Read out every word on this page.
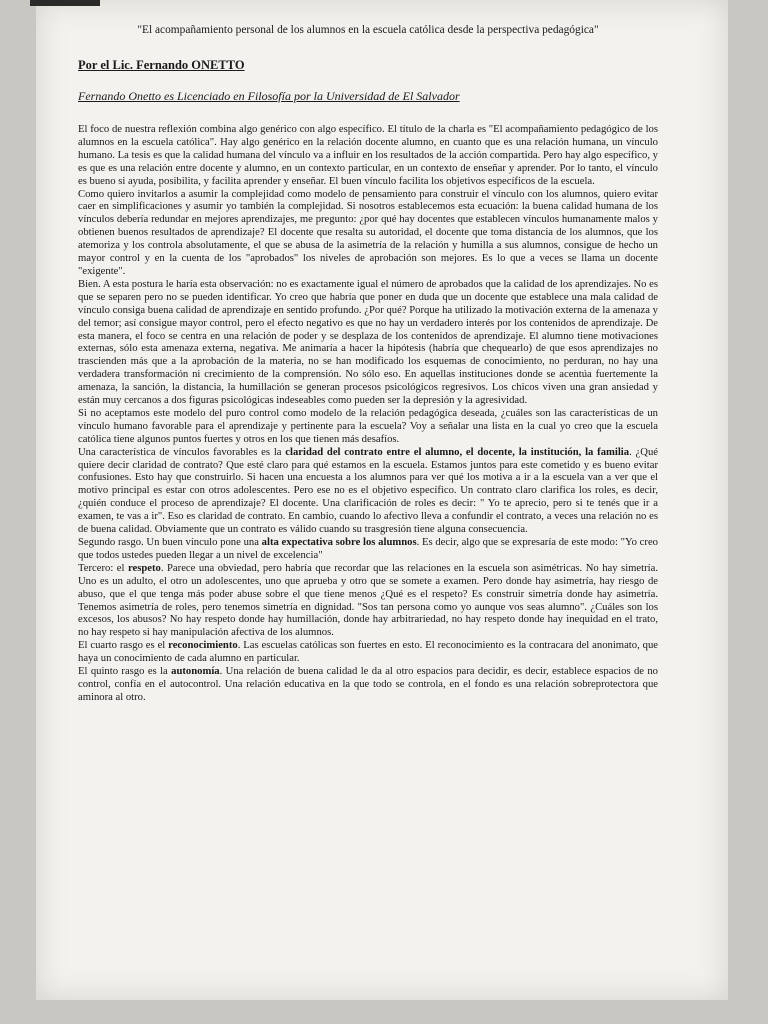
"El acompañamiento personal de los alumnos en la escuela católica desde la perspectiva pedagógica"
Por el Lic. Fernando ONETTO
Fernando Onetto es Licenciado en Filosofía por la Universidad de El Salvador

El foco de nuestra reflexión combina algo genérico con algo específico. El título de la charla es "El acompañamiento pedagógico de los alumnos en la escuela católica". Hay algo genérico en la relación docente alumno, en cuanto que es una relación humana, un vínculo humano. La tesis es que la calidad humana del vínculo va a influir en los resultados de la acción compartida. Pero hay algo específico, y es que es una relación entre docente y alumno, en un contexto particular, en un contexto de enseñar y aprender. Por lo tanto, el vínculo es bueno si ayuda, posibilita, y facilita aprender y enseñar. El buen vínculo facilita los objetivos específicos de la escuela.

Como quiero invitarlos a asumir la complejidad como modelo de pensamiento para construir el vínculo con los alumnos, quiero evitar caer en simplificaciones y asumir yo también la complejidad. Si nosotros establecemos esta ecuación: la buena calidad humana de los vínculos debería redundar en mejores aprendizajes, me pregunto: ¿por qué hay docentes que establecen vínculos humanamente malos y obtienen buenos resultados de aprendizaje? El docente que resalta su autoridad, el docente que toma distancia de los alumnos, que los atemoriza y los controla absolutamente, el que se abusa de la asimetría de la relación y humilla a sus alumnos, consigue de hecho un mayor control y en la cuenta de los "aprobados" los niveles de aprobación son mejores. Es lo que a veces se llama un docente "exigente".

Bien. A esta postura le haría esta observación: no es exactamente igual el número de aprobados que la calidad de los aprendizajes. No es que se separen pero no se pueden identificar. Yo creo que habría que poner en duda que un docente que establece una mala calidad de vínculo consiga buena calidad de aprendizaje en sentido profundo. ¿Por qué? Porque ha utilizado la motivación externa de la amenaza y del temor; así consigue mayor control, pero el efecto negativo es que no hay un verdadero interés por los contenidos de aprendizaje. De esta manera, el foco se centra en una relación de poder y se desplaza de los contenidos de aprendizaje. El alumno tiene motivaciones externas, sólo esta amenaza externa, negativa. Me animaría a hacer la hipótesis (habría que chequearlo) de que esos aprendizajes no trascienden más que a la aprobación de la materia, no se han modificado los esquemas de conocimiento, no perduran, no hay una verdadera transformación ni crecimiento de la comprensión. No sólo eso. En aquellas instituciones donde se acentúa fuertemente la amenaza, la sanción, la distancia, la humillación se generan procesos psicológicos regresivos. Los chicos viven una gran ansiedad y están muy cercanos a dos figuras psicológicas indeseables como pueden ser la depresión y la agresividad.

Si no aceptamos este modelo del puro control como modelo de la relación pedagógica deseada, ¿cuáles son las características de un vínculo humano favorable para el aprendizaje y pertinente para la escuela? Voy a señalar una lista en la cual yo creo que la escuela católica tiene algunos puntos fuertes y otros en los que tienen más desafíos.

Una característica de vínculos favorables es la claridad del contrato entre el alumno, el docente, la institución, la familia. ¿Qué quiere decir claridad de contrato? Que esté claro para qué estamos en la escuela. Estamos juntos para este cometido y es bueno evitar confusiones. Esto hay que construirlo. Si hacen una encuesta a los alumnos para ver qué los motiva a ir a la escuela van a ver que el motivo principal es estar con otros adolescentes. Pero ese no es el objetivo específico. Un contrato claro clarifica los roles, es decir, ¿quién conduce el proceso de aprendizaje? El docente. Una clarificación de roles es decir: " Yo te aprecio, pero si te tenés que ir a examen, te vas a ir". Eso es claridad de contrato. En cambio, cuando lo afectivo lleva a confundir el contrato, a veces una relación no es de buena calidad. Obviamente que un contrato es válido cuando su trasgresión tiene alguna consecuencia.

Segundo rasgo. Un buen vínculo pone una alta expectativa sobre los alumnos. Es decir, algo que se expresaría de este modo: "Yo creo que todos ustedes pueden llegar a un nivel de excelencia"

Tercero: el respeto. Parece una obviedad, pero habría que recordar que las relaciones en la escuela son asimétricas. No hay simetría. Uno es un adulto, el otro un adolescentes, uno que aprueba y otro que se somete a examen. Pero donde hay asimetría, hay riesgo de abuso, que el que tenga más poder abuse sobre el que tiene menos ¿Qué es el respeto? Es construir simetría donde hay asimetría. Tenemos asimetría de roles, pero tenemos simetría en dignidad. "Sos tan persona como yo aunque vos seas alumno". ¿Cuáles son los excesos, los abusos? No hay respeto donde hay humillación, donde hay arbitrariedad, no hay respeto donde hay inequidad en el trato, no hay respeto si hay manipulación afectiva de los alumnos.

El cuarto rasgo es el reconocimiento. Las escuelas católicas son fuertes en esto. El reconocimiento es la contracara del anonimato, que haya un conocimiento de cada alumno en particular.

El quinto rasgo es la autonomía. Una relación de buena calidad le da al otro espacios para decidir, es decir, establece espacios de no control, confía en el autocontrol. Una relación educativa en la que todo se controla, en el fondo es una relación sobreprotectora que aminora al otro.
